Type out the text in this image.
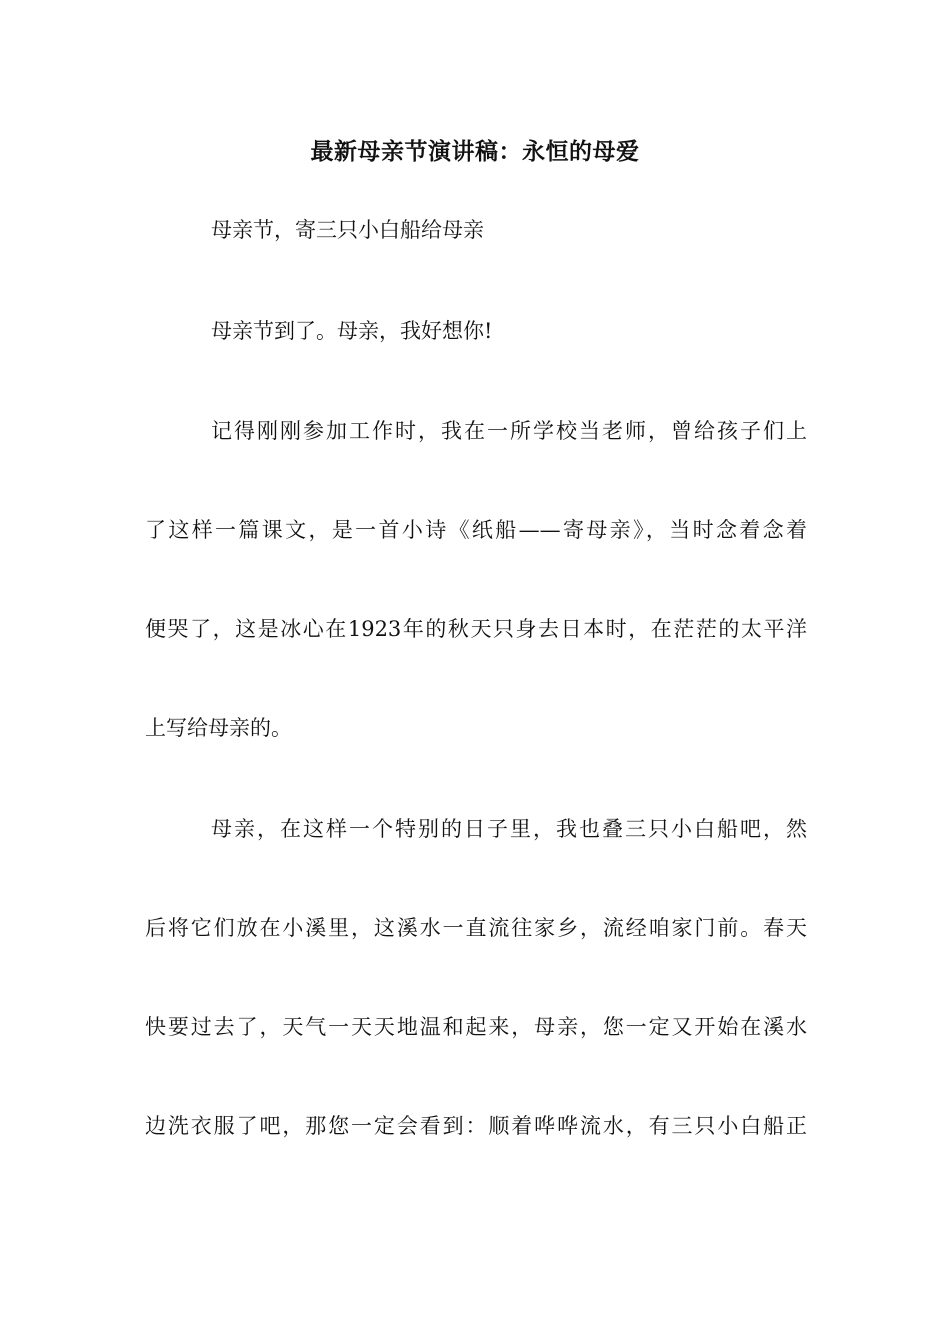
最新母亲节演讲稿：永恒的母爱
母亲节，寄三只小白船给母亲
母亲节到了。母亲，我好想你!
记得刚刚参加工作时，我在一所学校当老师，曾给孩子们上
了这样一篇课文，是一首小诗《纸船——寄母亲》，当时念着念着
便哭了，这是冰心在1923年的秋天只身去日本时，在茫茫的太平洋
上写给母亲的。
母亲，在这样一个特别的日子里，我也叠三只小白船吧，然
后将它们放在小溪里，这溪水一直流往家乡，流经咱家门前。春天
快要过去了，天气一天天地温和起来，母亲，您一定又开始在溪水
边洗衣服了吧，那您一定会看到：顺着哗哗流水，有三只小白船正
